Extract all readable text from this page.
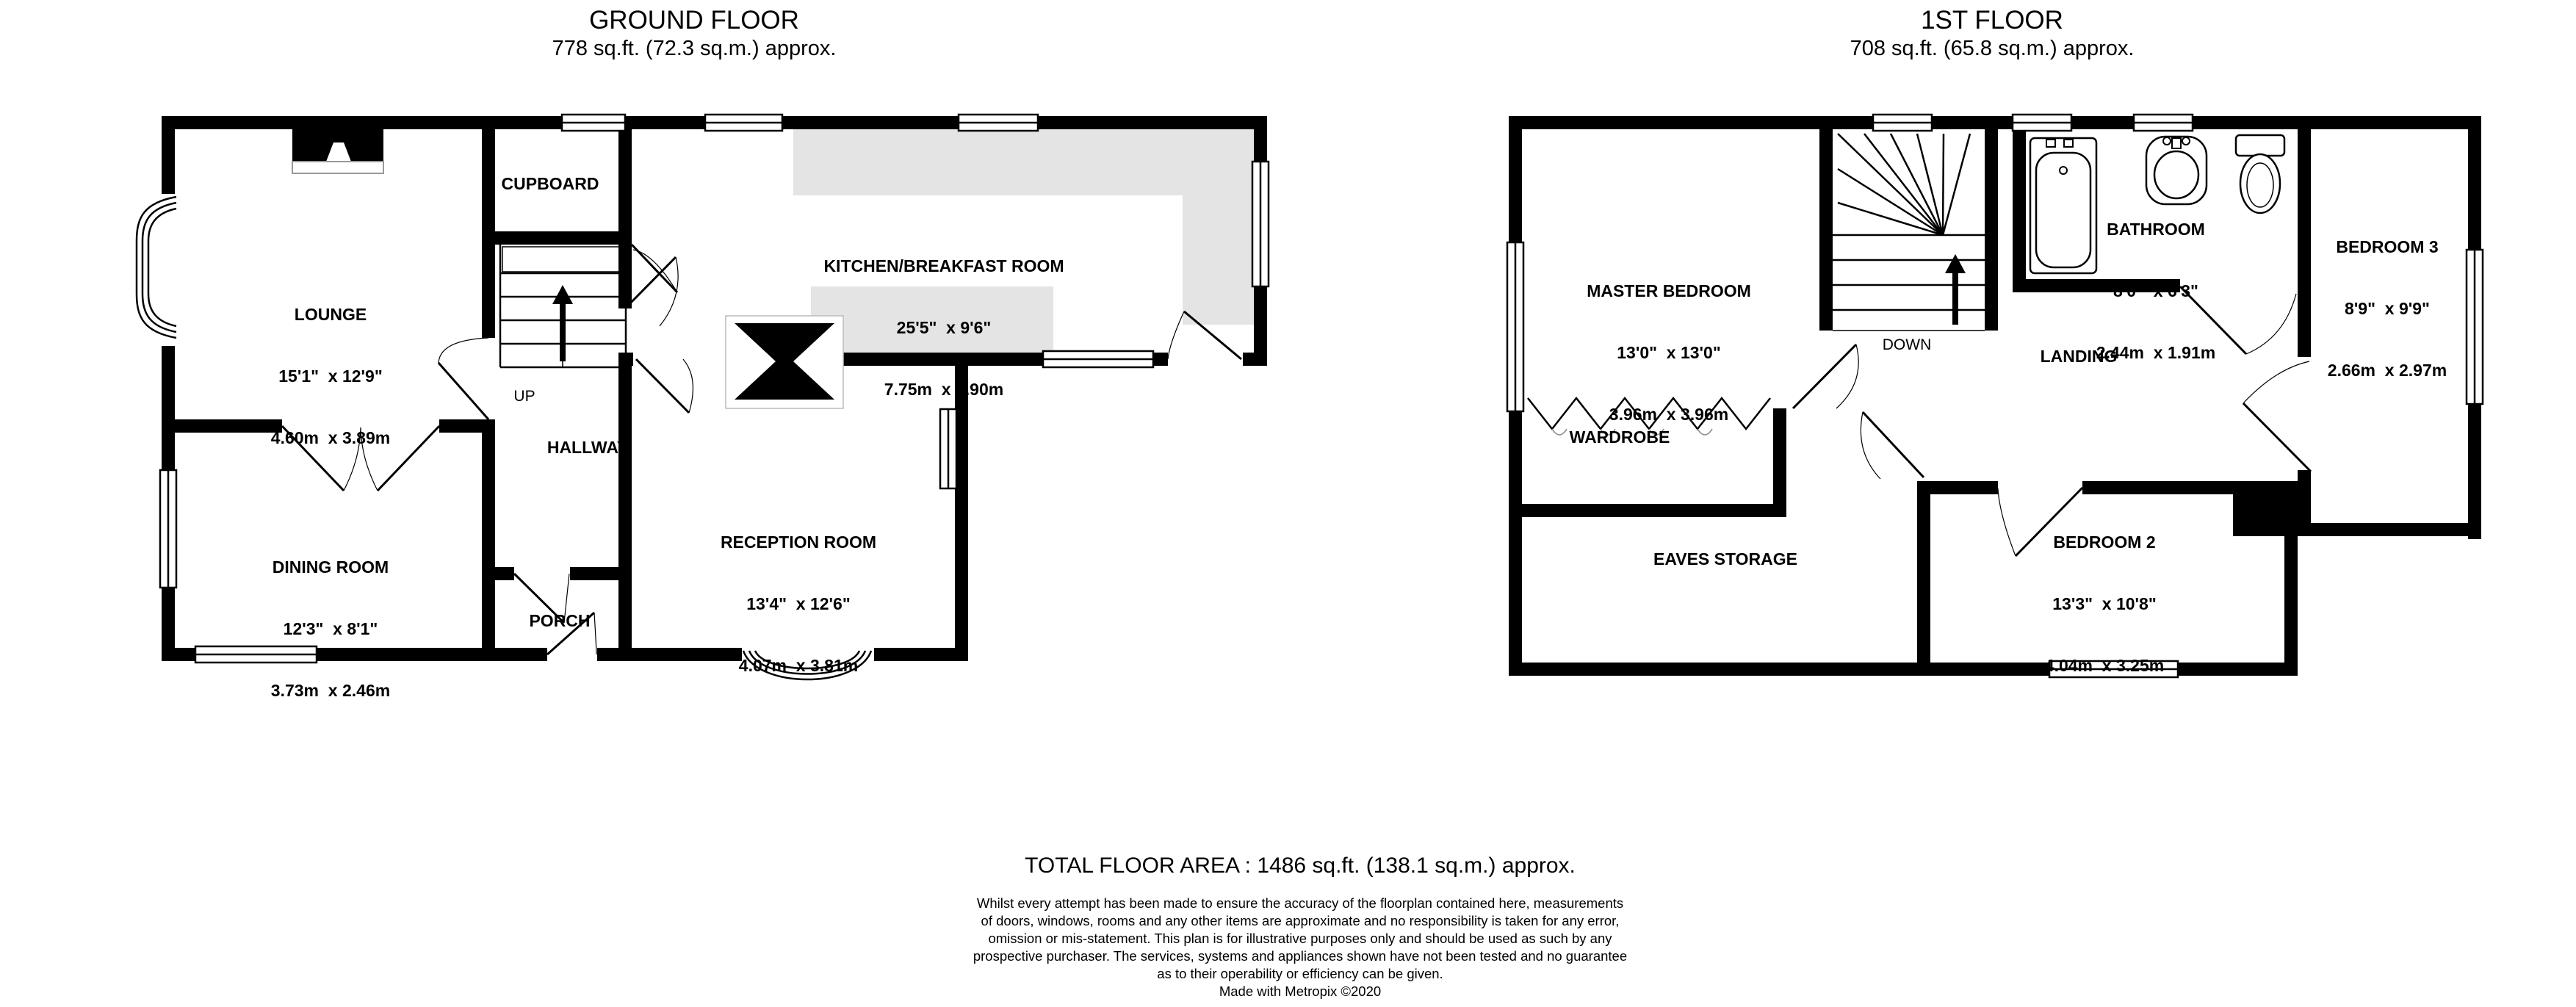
GROUND FLOOR
778 sq.ft. (72.3 sq.m.) approx.
1ST FLOOR
708 sq.ft. (65.8 sq.m.) approx.

LOUNGE

15'1"  x 12'9"

4.60m  x 3.89m

KITCHEN/BREAKFAST ROOM

25'5"  x 9'6"

7.75m  x 2.90m

DINING ROOM

12'3"  x 8'1"

3.73m  x 2.46m

RECEPTION ROOM

13'4"  x 12'6"

4.07m  x 3.81m

CUPBOARD
UP
HALLWAY
PORCH

MASTER BEDROOM

13'0"  x 13'0"

3.96m  x 3.96m

BATHROOM

8'0"  x 6'3"

2.44m  x 1.91m

BEDROOM 3

8'9"  x 9'9"

2.66m  x 2.97m

BEDROOM 2

13'3"  x 10'8"

4.04m  x 3.25m

DOWN
LANDING
WARDROBE
EAVES STORAGE
TOTAL FLOOR AREA : 1486 sq.ft. (138.1 sq.m.) approx.
Whilst every attempt has been made to ensure the accuracy of the floorplan contained here, measurements
of doors, windows, rooms and any other items are approximate and no responsibility is taken for any error,
omission or mis-statement. This plan is for illustrative purposes only and should be used as such by any
prospective purchaser. The services, systems and appliances shown have not been tested and no guarantee
as to their operability or efficiency can be given.
Made with Metropix ©2020
